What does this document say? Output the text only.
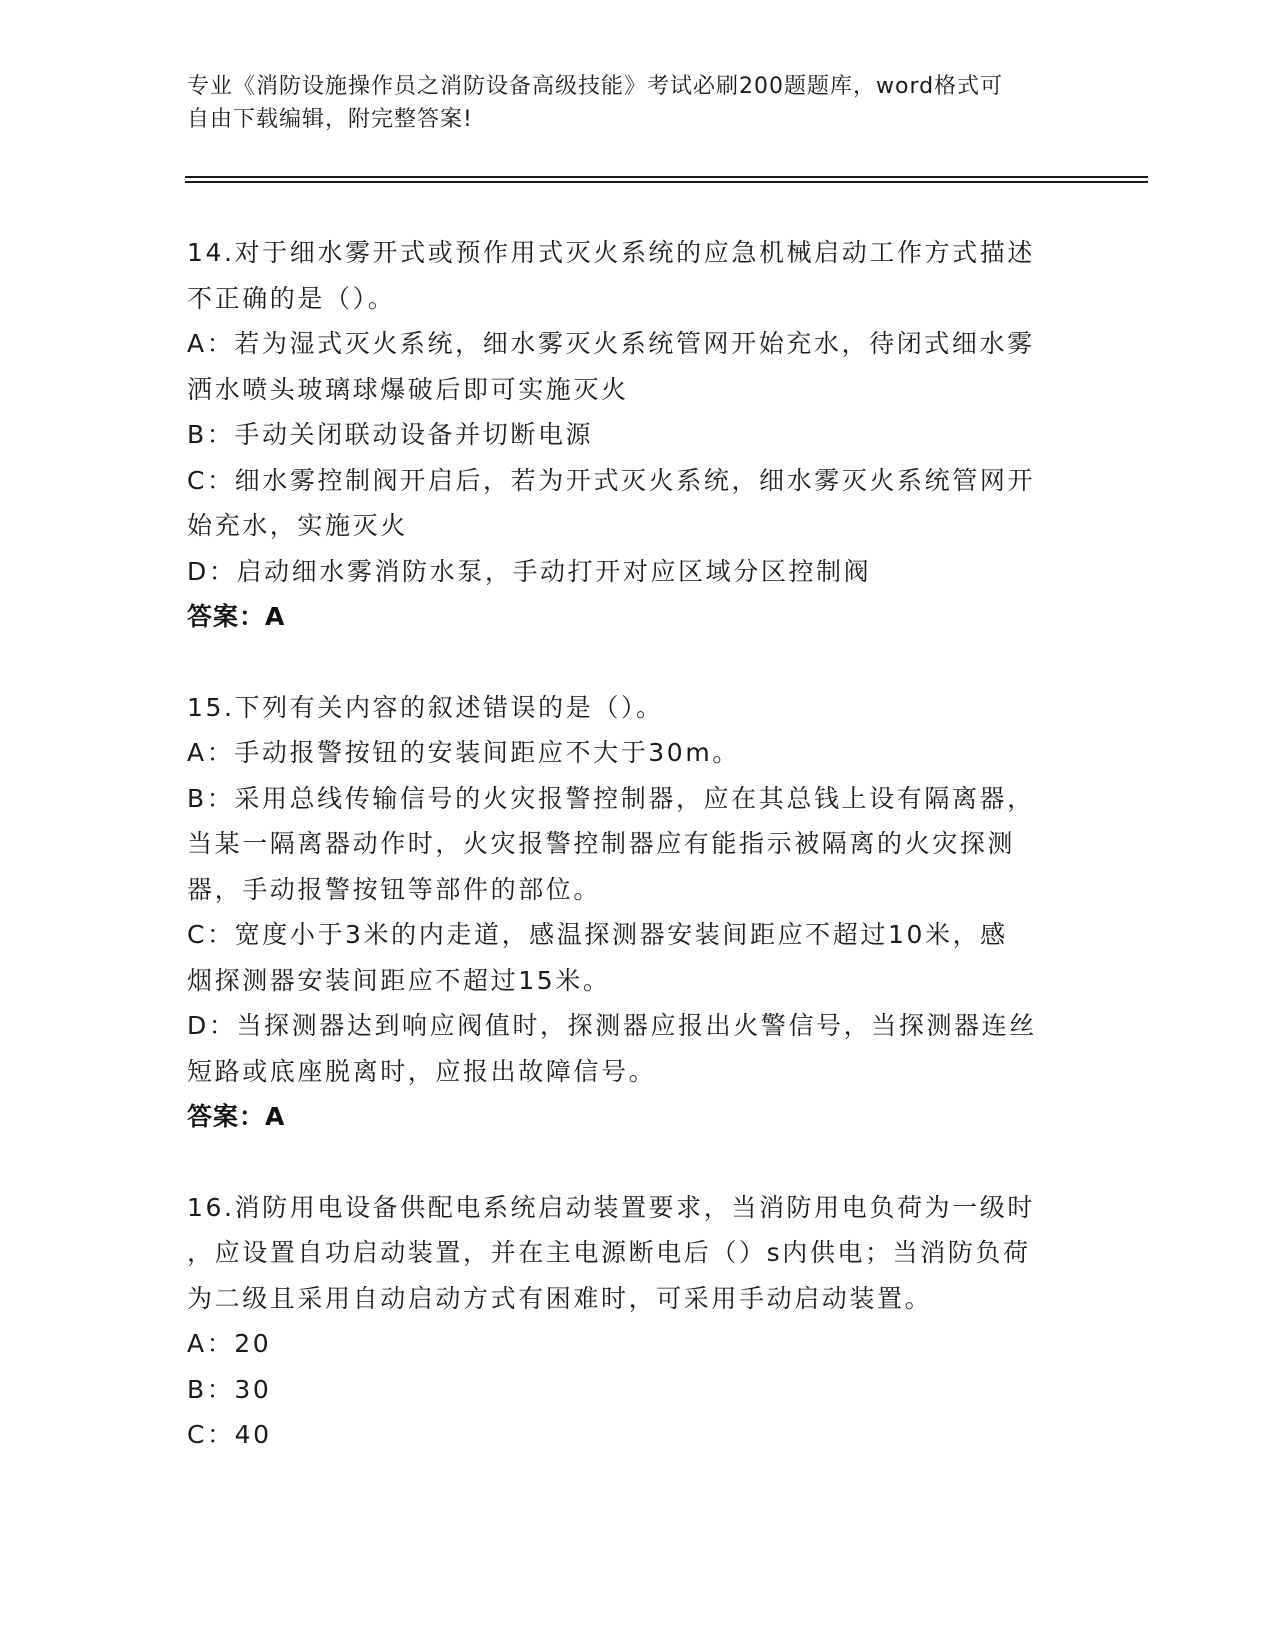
专业《消防设施操作员之消防设备高级技能》考试必刷200题题库，word格式可
自由下载编辑，附完整答案!
14.对于细水雾开式或预作用式灭火系统的应急机械启动工作方式描述
不正确的是（）。
A：若为湿式灭火系统，细水雾灭火系统管网开始充水，待闭式细水雾
洒水喷头玻璃球爆破后即可实施灭火
B：手动关闭联动设备并切断电源
C：细水雾控制阀开启后，若为开式灭火系统，细水雾灭火系统管网开
始充水，实施灭火
D：启动细水雾消防水泵，手动打开对应区域分区控制阀
答案：A
15.下列有关内容的叙述错误的是（）。
A：手动报警按钮的安装间距应不大于30m。
B：采用总线传输信号的火灾报警控制器，应在其总钱上设有隔离器，
当某一隔离器动作时，火灾报警控制器应有能指示被隔离的火灾探测
器，手动报警按钮等部件的部位。
C：宽度小于3米的内走道，感温探测器安装间距应不超过10米，感
烟探测器安装间距应不超过15米。
D：当探测器达到响应阀值时，探测器应报出火警信号，当探测器连丝
短路或底座脱离时，应报出故障信号。
答案：A
16.消防用电设备供配电系统启动装置要求，当消防用电负荷为一级时
，应设置自功启动装置，并在主电源断电后（）s内供电；当消防负荷
为二级且采用自动启动方式有困难时，可采用手动启动装置。
A：20
B：30
C：40
